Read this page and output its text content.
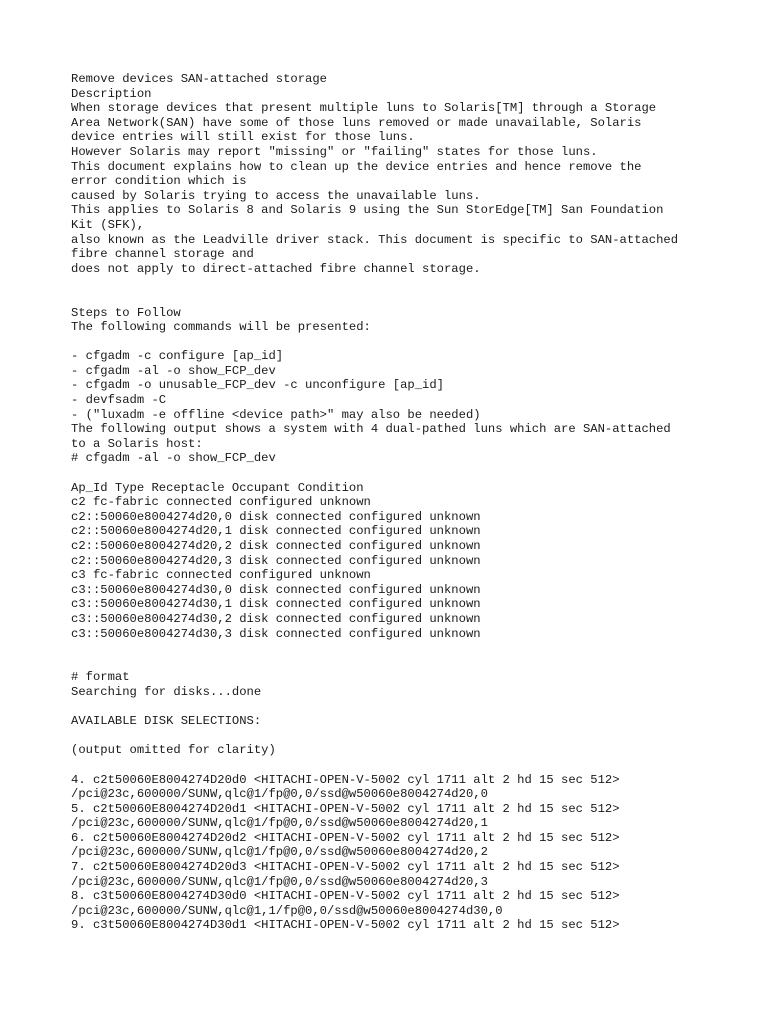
Remove devices SAN-attached storage
Description
When storage devices that present multiple luns to Solaris[TM] through a Storage
Area Network(SAN) have some of those luns removed or made unavailable, Solaris
device entries will still exist for those luns.
However Solaris may report "missing" or "failing" states for those luns.
This document explains how to clean up the device entries and hence remove the
error condition which is
caused by Solaris trying to access the unavailable luns.
This applies to Solaris 8 and Solaris 9 using the Sun StorEdge[TM] San Foundation
Kit (SFK),
also known as the Leadville driver stack. This document is specific to SAN-attached
fibre channel storage and
does not apply to direct-attached fibre channel storage.
Steps to Follow
The following commands will be presented:
- cfgadm -c configure [ap_id]
- cfgadm -al -o show_FCP_dev
- cfgadm -o unusable_FCP_dev -c unconfigure [ap_id]
- devfsadm -C
- ("luxadm -e offline <device path>" may also be needed)
The following output shows a system with 4 dual-pathed luns which are SAN-attached
to a Solaris host:
# cfgadm -al -o show_FCP_dev
Ap_Id Type Receptacle Occupant Condition
c2 fc-fabric connected configured unknown
c2::50060e8004274d20,0 disk connected configured unknown
c2::50060e8004274d20,1 disk connected configured unknown
c2::50060e8004274d20,2 disk connected configured unknown
c2::50060e8004274d20,3 disk connected configured unknown
c3 fc-fabric connected configured unknown
c3::50060e8004274d30,0 disk connected configured unknown
c3::50060e8004274d30,1 disk connected configured unknown
c3::50060e8004274d30,2 disk connected configured unknown
c3::50060e8004274d30,3 disk connected configured unknown
# format
Searching for disks...done
AVAILABLE DISK SELECTIONS:
(output omitted for clarity)
4. c2t50060E8004274D20d0 <HITACHI-OPEN-V-5002 cyl 1711 alt 2 hd 15 sec 512>
/pci@23c,600000/SUNW,qlc@1/fp@0,0/ssd@w50060e8004274d20,0
5. c2t50060E8004274D20d1 <HITACHI-OPEN-V-5002 cyl 1711 alt 2 hd 15 sec 512>
/pci@23c,600000/SUNW,qlc@1/fp@0,0/ssd@w50060e8004274d20,1
6. c2t50060E8004274D20d2 <HITACHI-OPEN-V-5002 cyl 1711 alt 2 hd 15 sec 512>
/pci@23c,600000/SUNW,qlc@1/fp@0,0/ssd@w50060e8004274d20,2
7. c2t50060E8004274D20d3 <HITACHI-OPEN-V-5002 cyl 1711 alt 2 hd 15 sec 512>
/pci@23c,600000/SUNW,qlc@1/fp@0,0/ssd@w50060e8004274d20,3
8. c3t50060E8004274D30d0 <HITACHI-OPEN-V-5002 cyl 1711 alt 2 hd 15 sec 512>
/pci@23c,600000/SUNW,qlc@1,1/fp@0,0/ssd@w50060e8004274d30,0
9. c3t50060E8004274D30d1 <HITACHI-OPEN-V-5002 cyl 1711 alt 2 hd 15 sec 512>
